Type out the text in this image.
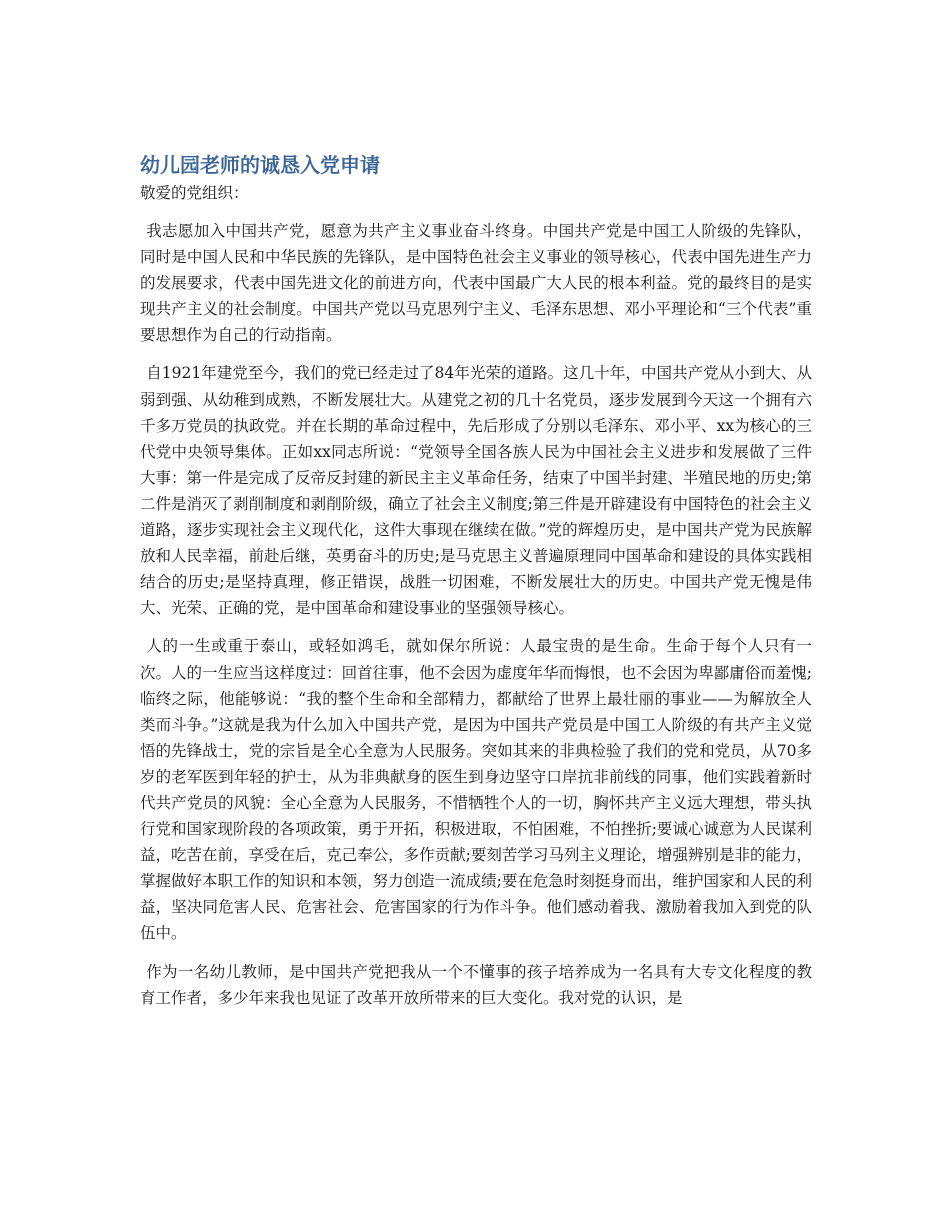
幼儿园老师的诚恳入党申请

敬爱的党组织：

我志愿加入中国共产党，愿意为共产主义事业奋斗终身。中国共产党是中国工人阶级的先锋队，同时是中国人民和中华民族的先锋队，是中国特色社会主义事业的领导核心，代表中国先进生产力的发展要求，代表中国先进文化的前进方向，代表中国最广大人民的根本利益。党的最终目的是实现共产主义的社会制度。中国共产党以马克思列宁主义、毛泽东思想、邓小平理论和“三个代表”重要思想作为自己的行动指南。

自1921年建党至今，我们的党已经走过了84年光荣的道路。这几十年，中国共产党从小到大、从弱到强、从幼稚到成熟，不断发展壮大。从建党之初的几十名党员，逐步发展到今天这一个拥有六千多万党员的执政党。并在长期的革命过程中，先后形成了分别以毛泽东、邓小平、xx为核心的三代党中央领导集体。正如xx同志所说：“党领导全国各族人民为中国社会主义进步和发展做了三件大事：第一件是完成了反帝反封建的新民主主义革命任务，结束了中国半封建、半殖民地的历史;第二件是消灭了剥削制度和剥削阶级，确立了社会主义制度;第三件是开辟建设有中国特色的社会主义道路，逐步实现社会主义现代化，这件大事现在继续在做。”党的辉煌历史，是中国共产党为民族解放和人民幸福，前赴后继，英勇奋斗的历史;是马克思主义普遍原理同中国革命和建设的具体实践相结合的历史;是坚持真理，修正错误，战胜一切困难，不断发展壮大的历史。中国共产党无愧是伟大、光荣、正确的党，是中国革命和建设事业的坚强领导核心。

人的一生或重于泰山，或轻如鸿毛，就如保尔所说：人最宝贵的是生命。生命于每个人只有一次。人的一生应当这样度过：回首往事，他不会因为虚度年华而悔恨，也不会因为卑鄙庸俗而羞愧;临终之际，他能够说：“我的整个生命和全部精力，都献给了世界上最壮丽的事业——为解放全人类而斗争。”这就是我为什么加入中国共产党，是因为中国共产党员是中国工人阶级的有共产主义觉悟的先锋战士，党的宗旨是全心全意为人民服务。突如其来的非典检验了我们的党和党员，从70多岁的老军医到年轻的护士，从为非典献身的医生到身边坚守口岸抗非前线的同事，他们实践着新时代共产党员的风貌：全心全意为人民服务，不惜牺牲个人的一切，胸怀共产主义远大理想，带头执行党和国家现阶段的各项政策，勇于开拓，积极进取，不怕困难，不怕挫折;要诚心诚意为人民谋利益，吃苦在前，享受在后，克己奉公，多作贡献;要刻苦学习马列主义理论，增强辨别是非的能力，掌握做好本职工作的知识和本领，努力创造一流成绩;要在危急时刻挺身而出，维护国家和人民的利益，坚决同危害人民、危害社会、危害国家的行为作斗争。他们感动着我、激励着我加入到党的队伍中。

作为一名幼儿教师，是中国共产党把我从一个不懂事的孩子培养成为一名具有大专文化程度的教育工作者，多少年来我也见证了改革开放所带来的巨大变化。我对党的认识，是
